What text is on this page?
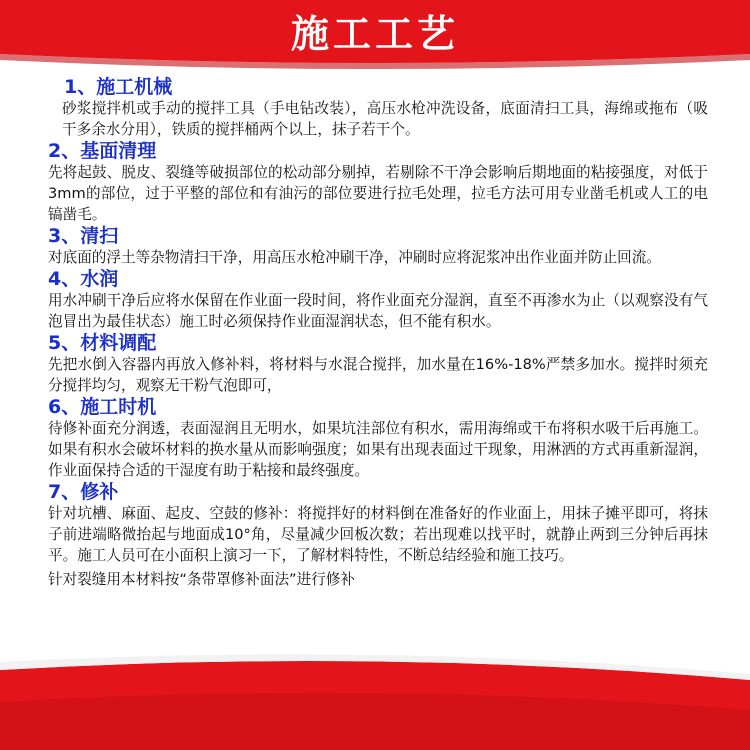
施工工艺

1、施工机械

砂浆搅拌机或手动的搅拌工具（手电钻改装），高压水枪冲洗设备，底面清扫工具，海绵或拖布（吸干多余水分用），铁质的搅拌桶两个以上，抹子若干个。

2、基面清理

先将起鼓、脱皮、裂缝等破损部位的松动部分剔掉，若剔除不干净会影响后期地面的粘接强度，对低于3mm的部位，过于平整的部位和有油污的部位要进行拉毛处理，拉毛方法可用专业凿毛机或人工的电镐凿毛。

3、清扫

对底面的浮土等杂物清扫干净，用高压水枪冲刷干净，冲刷时应将泥浆冲出作业面并防止回流。

4、水润

用水冲刷干净后应将水保留在作业面一段时间，将作业面充分湿润，直至不再渗水为止（以观察没有气泡冒出为最佳状态）施工时必须保持作业面湿润状态，但不能有积水。

5、材料调配

先把水倒入容器内再放入修补料，将材料与水混合搅拌，加水量在16%-18%严禁多加水。搅拌时须充分搅拌均匀，观察无干粉气泡即可，

6、施工时机

待修补面充分润透，表面湿润且无明水，如果坑洼部位有积水，需用海绵或干布将积水吸干后再施工。如果有积水会破坏材料的换水量从而影响强度；如果有出现表面过干现象，用淋洒的方式再重新湿润，作业面保持合适的干湿度有助于粘接和最终强度。

7、修补

针对坑槽、麻面、起皮、空鼓的修补：将搅拌好的材料倒在准备好的作业面上，用抹子摊平即可，将抹子前进端略微抬起与地面成10°角，尽量减少回板次数；若出现难以找平时，就静止两到三分钟后再抹平。施工人员可在小面积上演习一下，了解材料特性，不断总结经验和施工技巧。

针对裂缝用本材料按“条带罩修补面法”进行修补
